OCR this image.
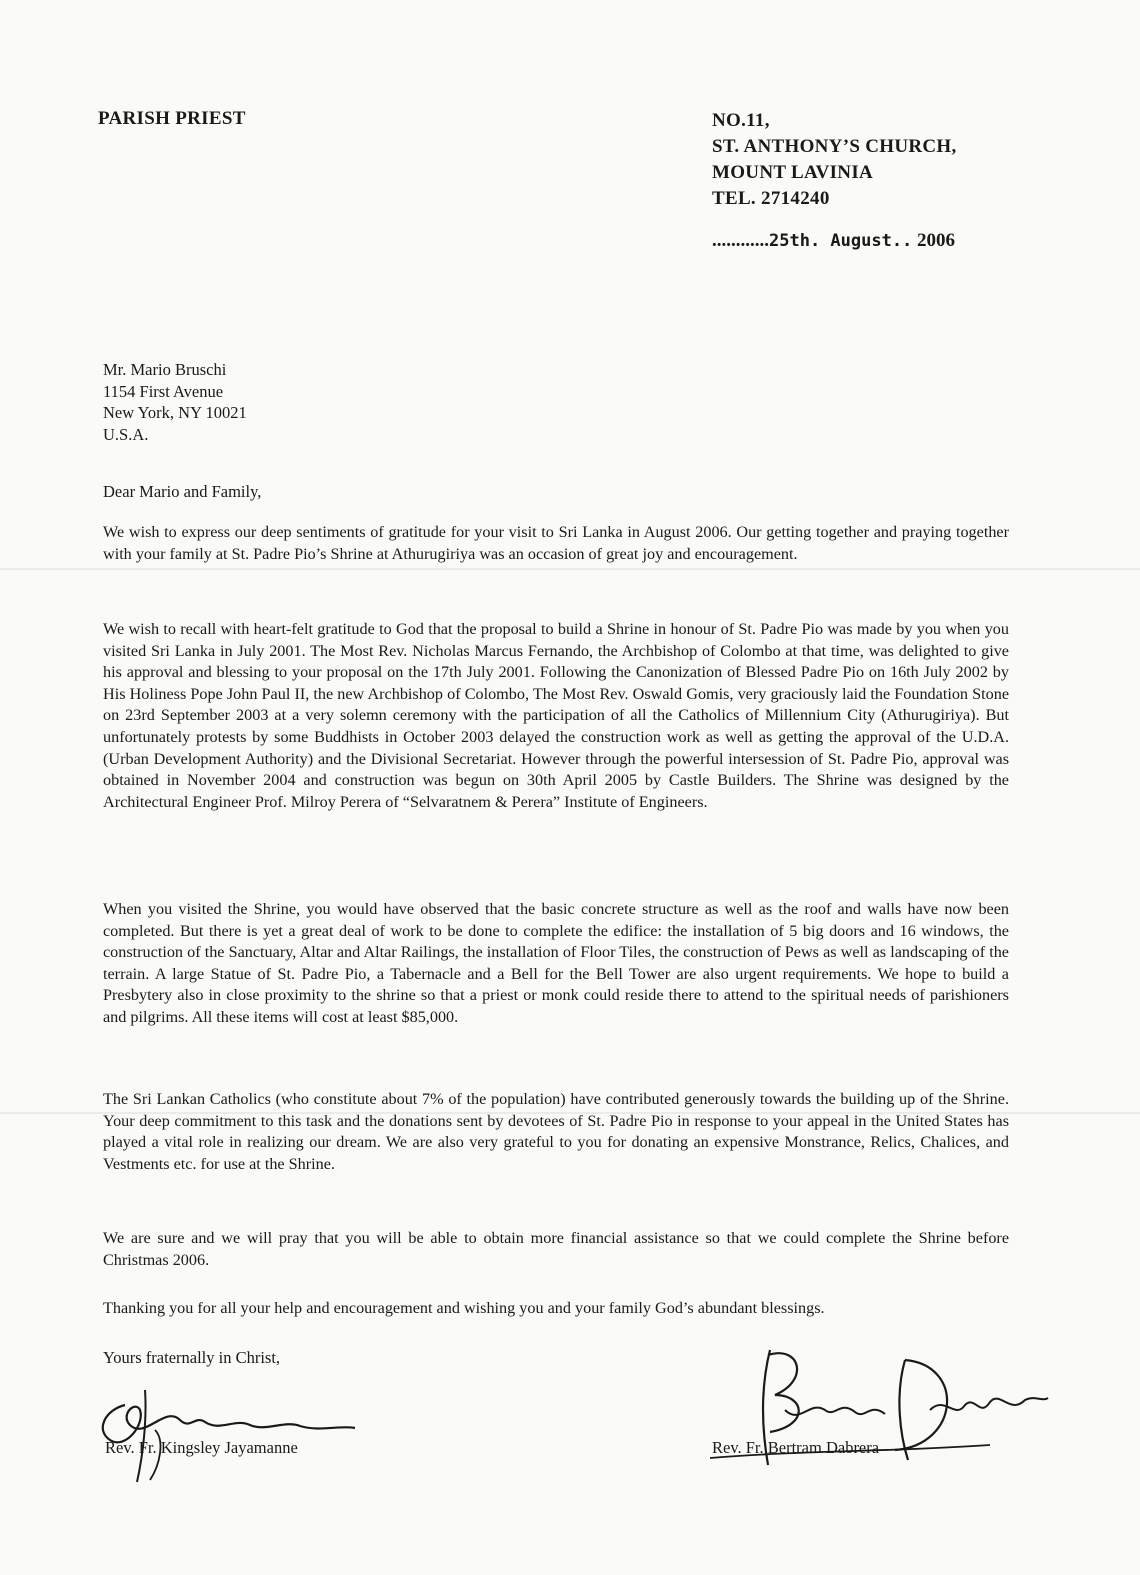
PARISH PRIEST	NO.11,
ST. ANTHONY’S CHURCH,
MOUNT LAVINIA
TEL. 2714240
............25th. August.. 2006
Mr. Mario Bruschi
1154 First Avenue
New York, NY 10021
U.S.A.
Dear Mario and Family,
We wish to express our deep sentiments of gratitude for your visit to Sri Lanka in August 2006. Our getting together and praying together with your family at St. Padre Pio’s Shrine at Athurugiriya was an occasion of great joy and encouragement.
We wish to recall with heart-felt gratitude to God that the proposal to build a Shrine in honour of St. Padre Pio was made by you when you visited Sri Lanka in July 2001. The Most Rev. Nicholas Marcus Fernando, the Archbishop of Colombo at that time, was delighted to give his approval and blessing to your proposal on the 17th July 2001. Following the Canonization of Blessed Padre Pio on 16th July 2002 by His Holiness Pope John Paul II, the new Archbishop of Colombo, The Most Rev. Oswald Gomis, very graciously laid the Foundation Stone on 23rd September 2003 at a very solemn ceremony with the participation of all the Catholics of Millennium City (Athurugiriya). But unfortunately protests by some Buddhists in October 2003 delayed the construction work as well as getting the approval of the U.D.A. (Urban Development Authority) and the Divisional Secretariat. However through the powerful intersession of St. Padre Pio, approval was obtained in November 2004 and construction was begun on 30th April 2005 by Castle Builders. The Shrine was designed by the Architectural Engineer Prof. Milroy Perera of “Selvaratnem & Perera” Institute of Engineers.
When you visited the Shrine, you would have observed that the basic concrete structure as well as the roof and walls have now been completed. But there is yet a great deal of work to be done to complete the edifice: the installation of 5 big doors and 16 windows, the construction of the Sanctuary, Altar and Altar Railings, the installation of Floor Tiles, the construction of Pews as well as landscaping of the terrain. A large Statue of St. Padre Pio, a Tabernacle and a Bell for the Bell Tower are also urgent requirements. We hope to build a Presbytery also in close proximity to the shrine so that a priest or monk could reside there to attend to the spiritual needs of parishioners and pilgrims. All these items will cost at least $85,000.
The Sri Lankan Catholics (who constitute about 7% of the population) have contributed generously towards the building up of the Shrine. Your deep commitment to this task and the donations sent by devotees of St. Padre Pio in response to your appeal in the United States has played a vital role in realizing our dream. We are also very grateful to you for donating an expensive Monstrance, Relics, Chalices, and Vestments etc. for use at the Shrine.
We are sure and we will pray that you will be able to obtain more financial assistance so that we could complete the Shrine before Christmas 2006.
Thanking you for all your help and encouragement and wishing you and your family God’s abundant blessings.
Yours fraternally in Christ,
Rev. Fr. Kingsley Jayamanne	Rev. Fr. Bertram Dabrera
